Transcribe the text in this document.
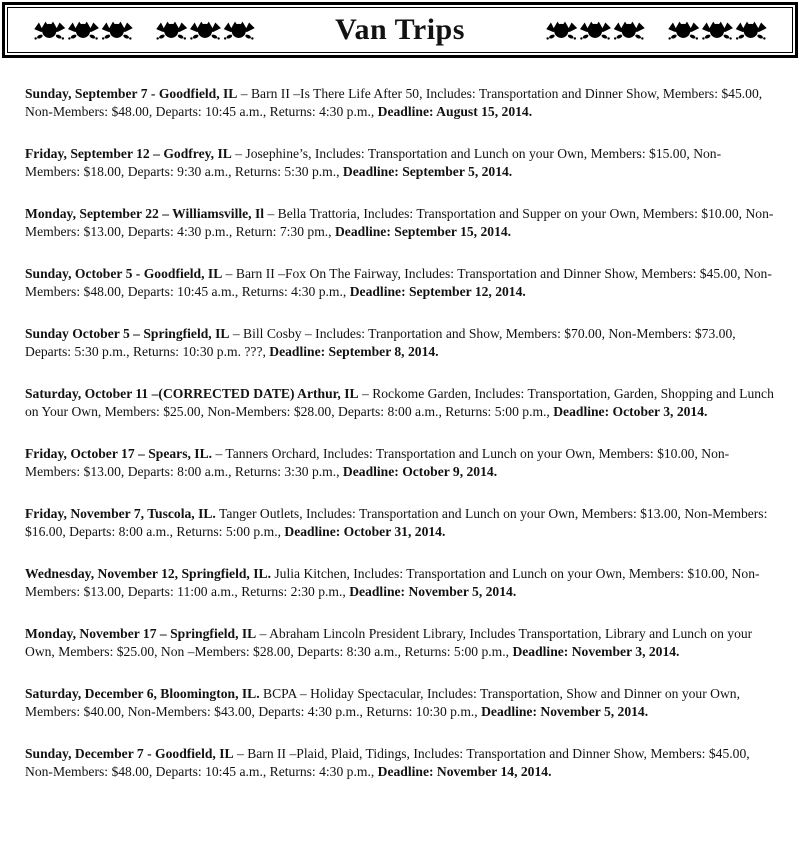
Van Trips

Sunday, September 7 - Goodfield, IL – Barn II –Is There Life After 50, Includes: Transportation and Dinner Show, Members: $45.00, Non-Members: $48.00, Departs: 10:45 a.m., Returns: 4:30 p.m., Deadline: August 15, 2014.

Friday, September 12 – Godfrey, IL – Josephine’s, Includes: Transportation and Lunch on your Own, Members: $15.00, Non-Members: $18.00, Departs: 9:30 a.m., Returns: 5:30 p.m., Deadline: September 5, 2014.

Monday, September 22 – Williamsville, Il – Bella Trattoria, Includes: Transportation and Supper on your Own, Members: $10.00, Non-Members: $13.00, Departs: 4:30 p.m., Return: 7:30 pm., Deadline: September 15, 2014.

Sunday, October 5 - Goodfield, IL – Barn II –Fox On The Fairway, Includes: Transportation and Dinner Show, Members: $45.00, Non-Members: $48.00, Departs: 10:45 a.m., Returns: 4:30 p.m., Deadline: September 12, 2014.

Sunday October 5 – Springfield, IL – Bill Cosby – Includes: Tranportation and Show, Members: $70.00, Non-Members: $73.00, Departs: 5:30 p.m., Returns: 10:30 p.m. ???, Deadline: September 8, 2014.

Saturday, October 11 –(CORRECTED DATE) Arthur, IL – Rockome Garden, Includes: Transportation, Garden, Shopping and Lunch on Your Own, Members: $25.00, Non-Members: $28.00, Departs: 8:00 a.m., Returns: 5:00 p.m., Deadline: October 3, 2014.

Friday, October 17 – Spears, IL. – Tanners Orchard, Includes: Transportation and Lunch on your Own, Members: $10.00, Non-Members: $13.00, Departs: 8:00 a.m., Returns: 3:30 p.m., Deadline: October 9, 2014.

Friday, November 7, Tuscola, IL. Tanger Outlets, Includes: Transportation and Lunch on your Own, Members: $13.00, Non-Members: $16.00, Departs: 8:00 a.m., Returns: 5:00 p.m., Deadline: October 31, 2014.

Wednesday, November 12, Springfield, IL. Julia Kitchen, Includes: Transportation and Lunch on your Own, Members: $10.00, Non-Members: $13.00, Departs: 11:00 a.m., Returns: 2:30 p.m., Deadline: November 5, 2014.

Monday, November 17 – Springfield, IL – Abraham Lincoln President Library, Includes Transportation, Library and Lunch on your Own, Members: $25.00, Non –Members: $28.00, Departs: 8:30 a.m., Returns: 5:00 p.m., Deadline: November 3, 2014.

Saturday, December 6, Bloomington, IL. BCPA – Holiday Spectacular, Includes: Transportation, Show and Dinner on your Own, Members: $40.00, Non-Members: $43.00, Departs: 4:30 p.m., Returns: 10:30 p.m., Deadline: November 5, 2014.

Sunday, December 7 - Goodfield, IL – Barn II –Plaid, Plaid, Tidings, Includes: Transportation and Dinner Show, Members: $45.00, Non-Members: $48.00, Departs: 10:45 a.m., Returns: 4:30 p.m., Deadline: November 14, 2014.
